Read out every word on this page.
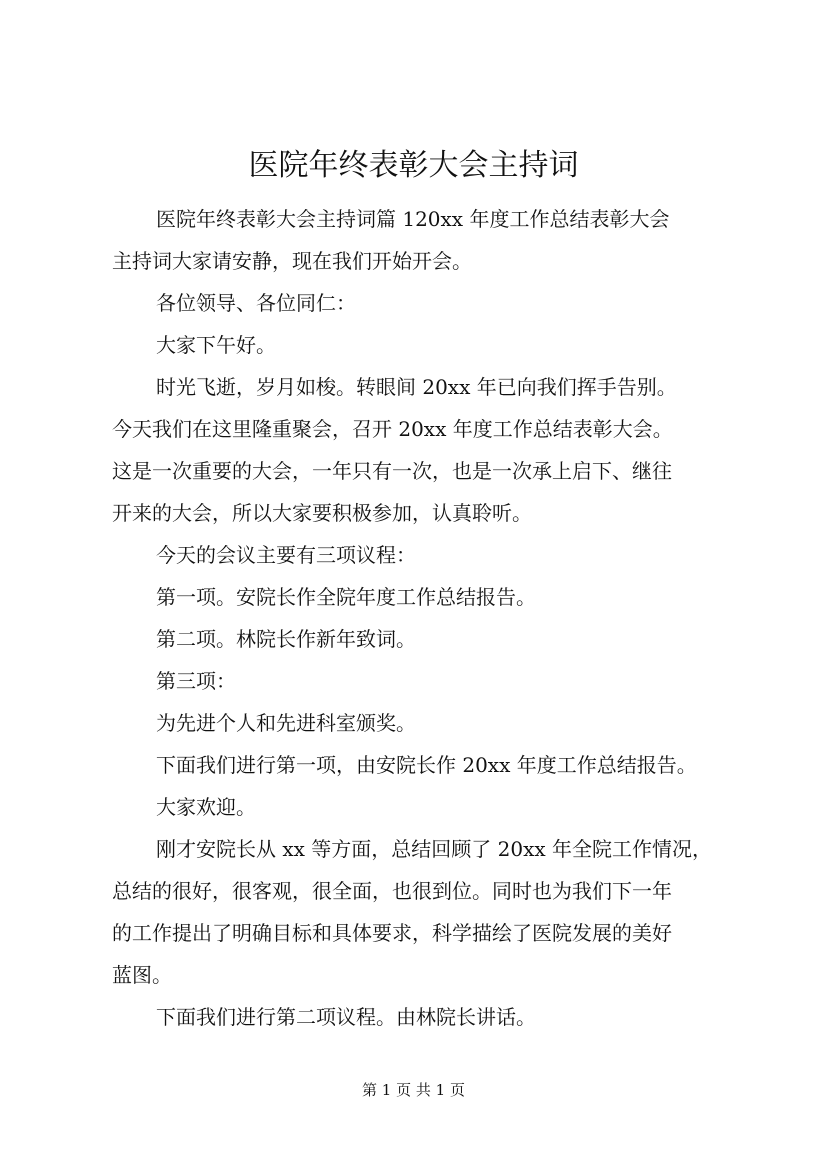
医院年终表彰大会主持词

医院年终表彰大会主持词篇 120xx 年度工作总结表彰大会
主持词大家请安静，现在我们开始开会。

各位领导、各位同仁：

大家下午好。

时光飞逝，岁月如梭。转眼间 20xx 年已向我们挥手告别。
今天我们在这里隆重聚会，召开 20xx 年度工作总结表彰大会。
这是一次重要的大会，一年只有一次，也是一次承上启下、继往
开来的大会，所以大家要积极参加，认真聆听。

今天的会议主要有三项议程：

第一项。安院长作全院年度工作总结报告。

第二项。林院长作新年致词。

第三项：

为先进个人和先进科室颁奖。

下面我们进行第一项，由安院长作 20xx 年度工作总结报告。

大家欢迎。

刚才安院长从 xx 等方面，总结回顾了 20xx 年全院工作情况，
总结的很好，很客观，很全面，也很到位。同时也为我们下一年
的工作提出了明确目标和具体要求，科学描绘了医院发展的美好
蓝图。

下面我们进行第二项议程。由林院长讲话。

第 1 页 共 1 页
